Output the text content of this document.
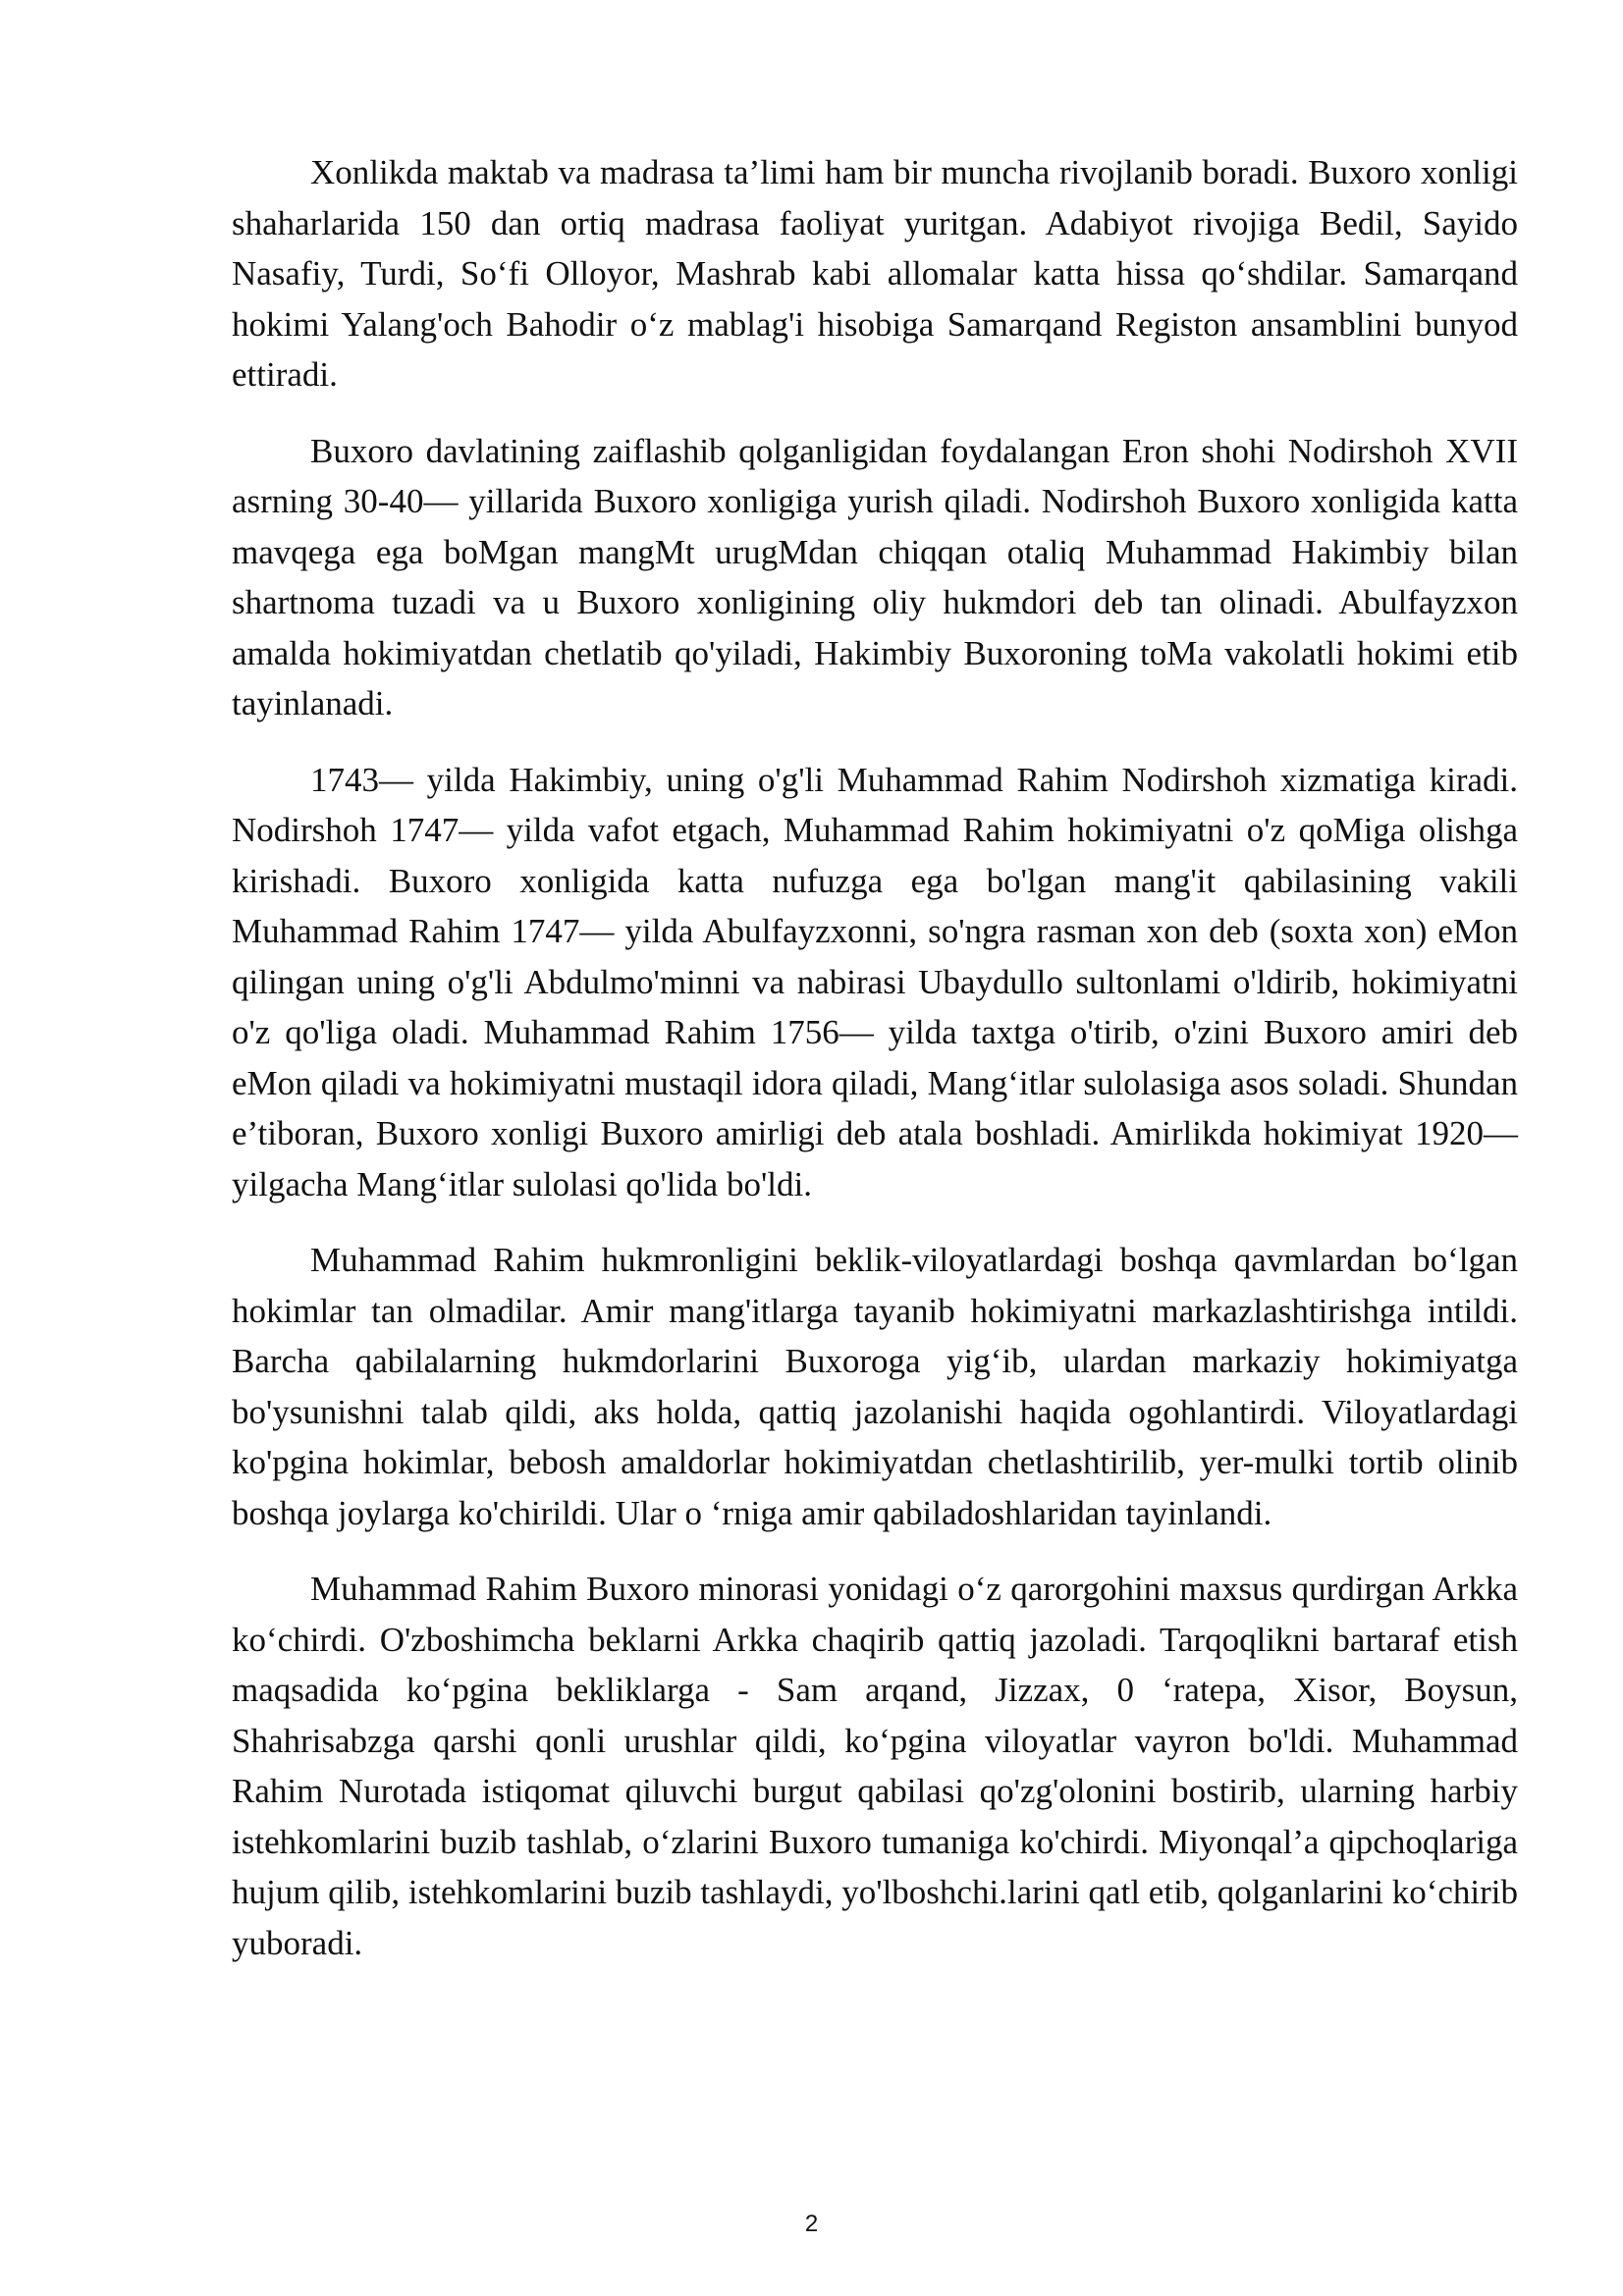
Xonlikda maktab va madrasa ta’limi ham bir muncha rivojlanib boradi. Buxoro xonligi shaharlarida 150 dan ortiq madrasa faoliyat yuritgan. Adabiyot rivojiga Bedil, Sayido Nasafiy, Turdi, So‘fi Olloyor, Mashrab kabi allomalar katta hissa qo‘shdilar. Samarqand hokimi Yalang'och Bahodir o‘z mablag'i hisobiga Samarqand Registon ansamblini bunyod ettiradi.

Buxoro davlatining zaiflashib qolganligidan foydalangan Eron shohi Nodirshoh XVII asrning 30-40— yillarida Buxoro xonligiga yurish qiladi. Nodirshoh Buxoro xonligida katta mavqega ega boMgan mangMt urugMdan chiqqan otaliq Muhammad Hakimbiy bilan shartnoma tuzadi va u Buxoro xonligining oliy hukmdori deb tan olinadi. Abulfayzxon amalda hokimiyatdan chetlatib qo'yiladi, Hakimbiy Buxoroning toMa vakolatli hokimi etib tayinlanadi.

1743— yilda Hakimbiy, uning o'g'li Muhammad Rahim Nodirshoh xizmatiga kiradi. Nodirshoh 1747— yilda vafot etgach, Muhammad Rahim hokimiyatni o'z qoMiga olishga kirishadi. Buxoro xonligida katta nufuzga ega bo'lgan mang'it qabilasining vakili Muhammad Rahim 1747— yilda Abulfayzxonni, so'ngra rasman xon deb (soxta xon) eMon qilingan uning o'g'li Abdulmo'minni va nabirasi Ubaydullo sultonlami o'ldirib, hokimiyatni o'z qo'liga oladi. Muhammad Rahim 1756— yilda taxtga o'tirib, o'zini Buxoro amiri deb eMon qiladi va hokimiyatni mustaqil idora qiladi, Mang‘itlar sulolasiga asos soladi. Shundan e’tiboran, Buxoro xonligi Buxoro amirligi deb atala boshladi. Amirlikda hokimiyat 1920— yilgacha Mang‘itlar sulolasi qo'lida bo'ldi.

Muhammad Rahim hukmronligini beklik-viloyatlardagi boshqa qavmlardan bo‘lgan hokimlar tan olmadilar. Amir mang'itlarga tayanib hokimiyatni markazlashtirishga intildi. Barcha qabilalarning hukmdorlarini Buxoroga yig‘ib, ulardan markaziy hokimiyatga bo'ysunishni talab qildi, aks holda, qattiq jazolanishi haqida ogohlantirdi. Viloyatlardagi ko'pgina hokimlar, bebosh amaldorlar hokimiyatdan chetlashtirilib, yer-mulki tortib olinib boshqa joylarga ko'chirildi. Ular o ‘rniga amir qabiladoshlaridan tayinlandi.

Muhammad Rahim Buxoro minorasi yonidagi o‘z qarorgohini maxsus qurdirgan Arkka ko‘chirdi. O'zboshimcha beklarni Arkka chaqirib qattiq jazoladi. Tarqoqlikni bartaraf etish maqsadida ko‘pgina bekliklarga - Sam arqand, Jizzax, 0 ‘ratepa, Xisor, Boysun, Shahrisabzga qarshi qonli urushlar qildi, ko‘pgina viloyatlar vayron bo'ldi. Muhammad Rahim Nurotada istiqomat qiluvchi burgut qabilasi qo'zg'olonini bostirib, ularning harbiy istehkomlarini buzib tashlab, o‘zlarini Buxoro tumaniga ko'chirdi. Miyonqal’a qipchoqlariga hujum qilib, istehkomlarini buzib tashlaydi, yo'lboshchi.larini qatl etib, qolganlarini ko‘chirib yuboradi.

2
